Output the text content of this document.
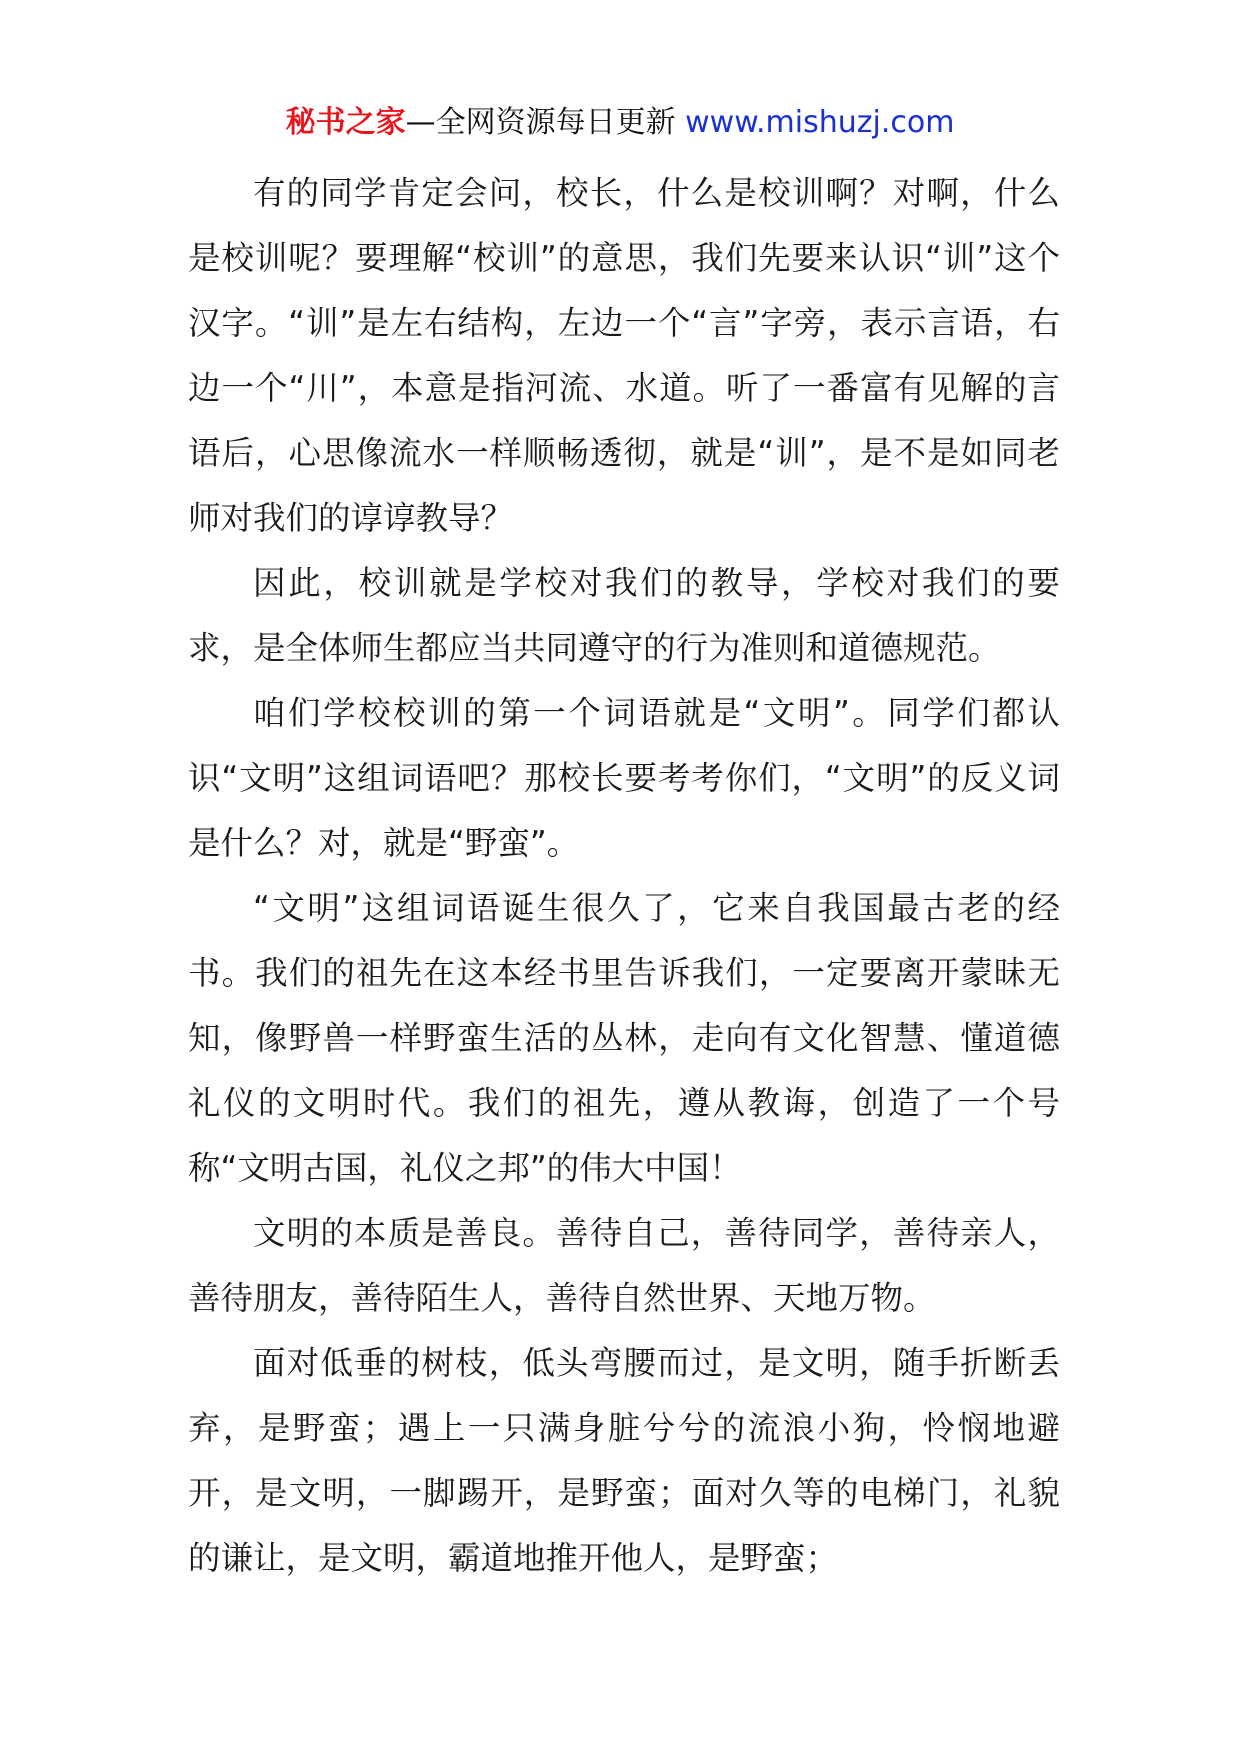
秘书之家—全网资源每日更新 www.mishuzj.com

有的同学肯定会问，校长，什么是校训啊？对啊，什么是校训呢？要理解“校训”的意思，我们先要来认识“训”这个汉字。“训”是左右结构，左边一个“言”字旁，表示言语，右边一个“川”，本意是指河流、水道。听了一番富有见解的言语后，心思像流水一样顺畅透彻，就是“训”，是不是如同老师对我们的谆谆教导？

因此，校训就是学校对我们的教导，学校对我们的要求，是全体师生都应当共同遵守的行为准则和道德规范。

咱们学校校训的第一个词语就是“文明”。同学们都认识“文明”这组词语吧？那校长要考考你们，“文明”的反义词是什么？对，就是“野蛮”。

“文明”这组词语诞生很久了，它来自我国最古老的经书。我们的祖先在这本经书里告诉我们，一定要离开蒙昧无知，像野兽一样野蛮生活的丛林，走向有文化智慧、懂道德礼仪的文明时代。我们的祖先，遵从教诲，创造了一个号称“文明古国，礼仪之邦”的伟大中国！

文明的本质是善良。善待自己，善待同学，善待亲人，善待朋友，善待陌生人，善待自然世界、天地万物。

面对低垂的树枝，低头弯腰而过，是文明，随手折断丢弃，是野蛮；遇上一只满身脏兮兮的流浪小狗，怜悯地避开，是文明，一脚踢开，是野蛮；面对久等的电梯门，礼貌的谦让，是文明，霸道地推开他人，是野蛮；
